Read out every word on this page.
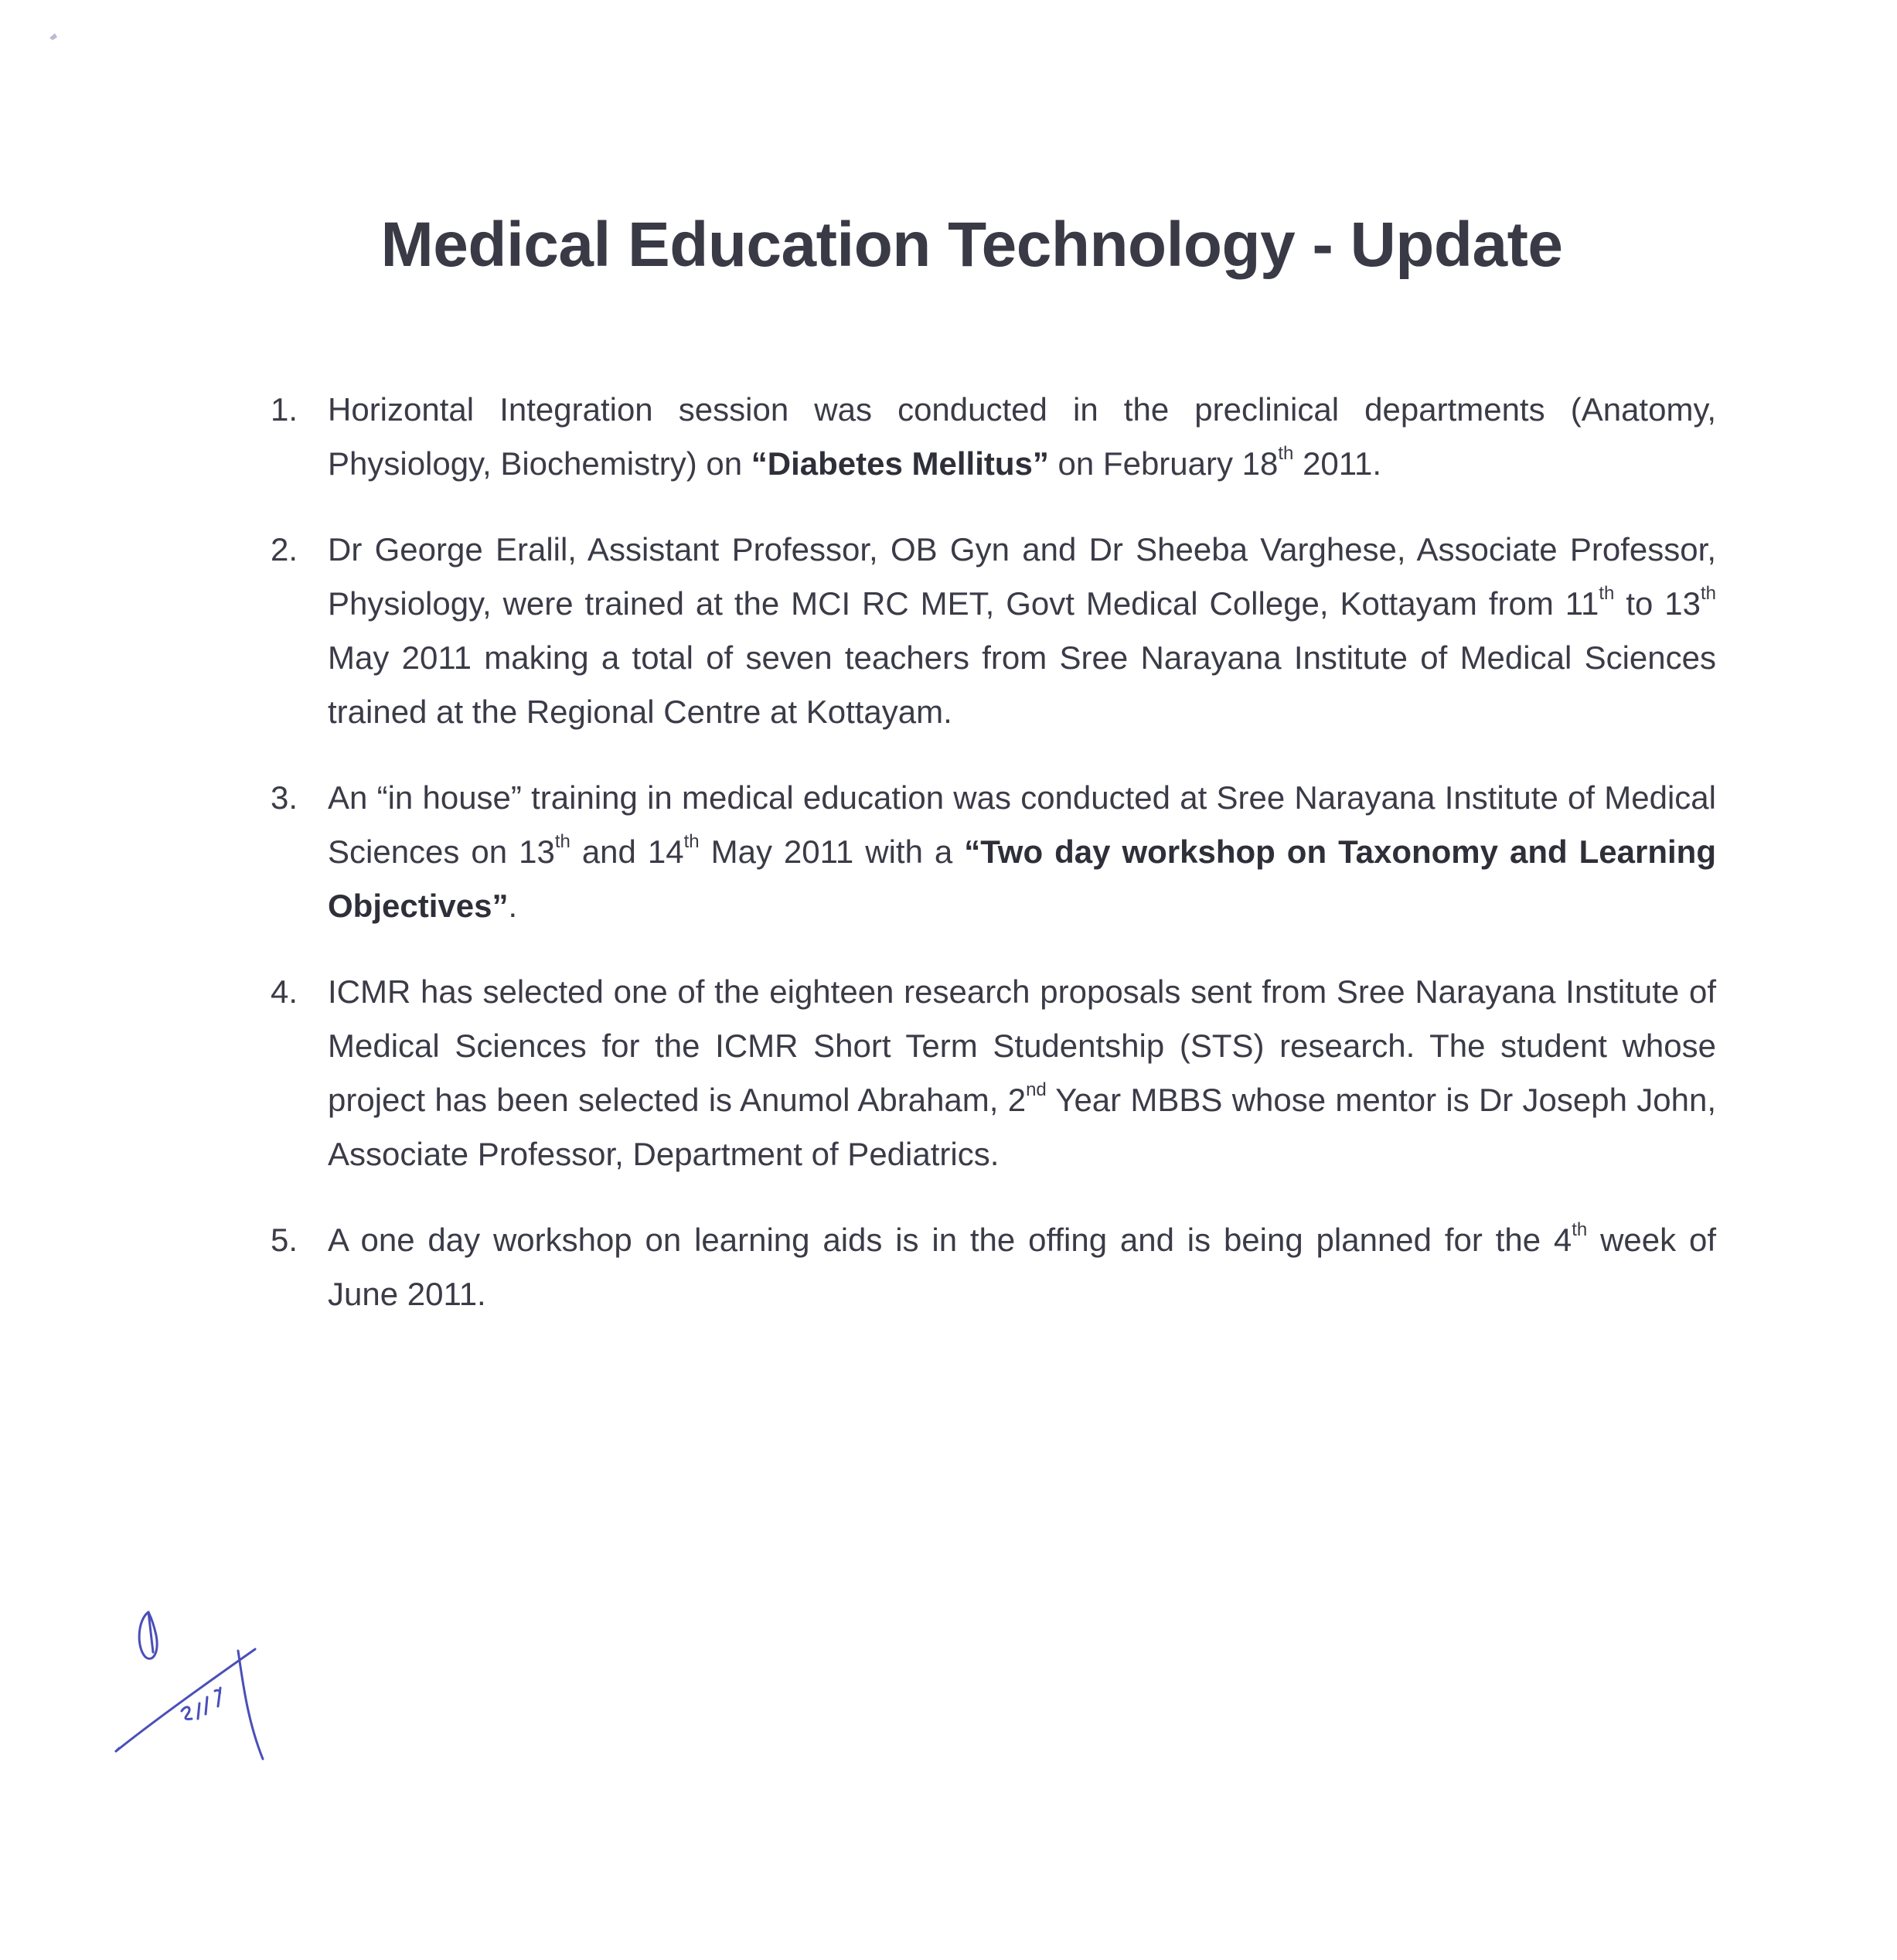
Medical Education Technology - Update
1. Horizontal Integration session was conducted in the preclinical departments (Anatomy, Physiology, Biochemistry) on “Diabetes Mellitus” on February 18th 2011.
2. Dr George Eralil, Assistant Professor, OB Gyn and Dr Sheeba Varghese, Associate Professor, Physiology, were trained at the MCI RC MET, Govt Medical College, Kottayam from 11th to 13th May 2011 making a total of seven teachers from Sree Narayana Institute of Medical Sciences trained at the Regional Centre at Kottayam.
3. An “in house” training in medical education was conducted at Sree Narayana Institute of Medical Sciences on 13th and 14th May 2011 with a “Two day workshop on Taxonomy and Learning Objectives”.
4. ICMR has selected one of the eighteen research proposals sent from Sree Narayana Institute of Medical Sciences for the ICMR Short Term Studentship (STS) research. The student whose project has been selected is Anumol Abraham, 2nd Year MBBS whose mentor is Dr Joseph John, Associate Professor, Department of Pediatrics.
5. A one day workshop on learning aids is in the offing and is being planned for the 4th week of June 2011.
